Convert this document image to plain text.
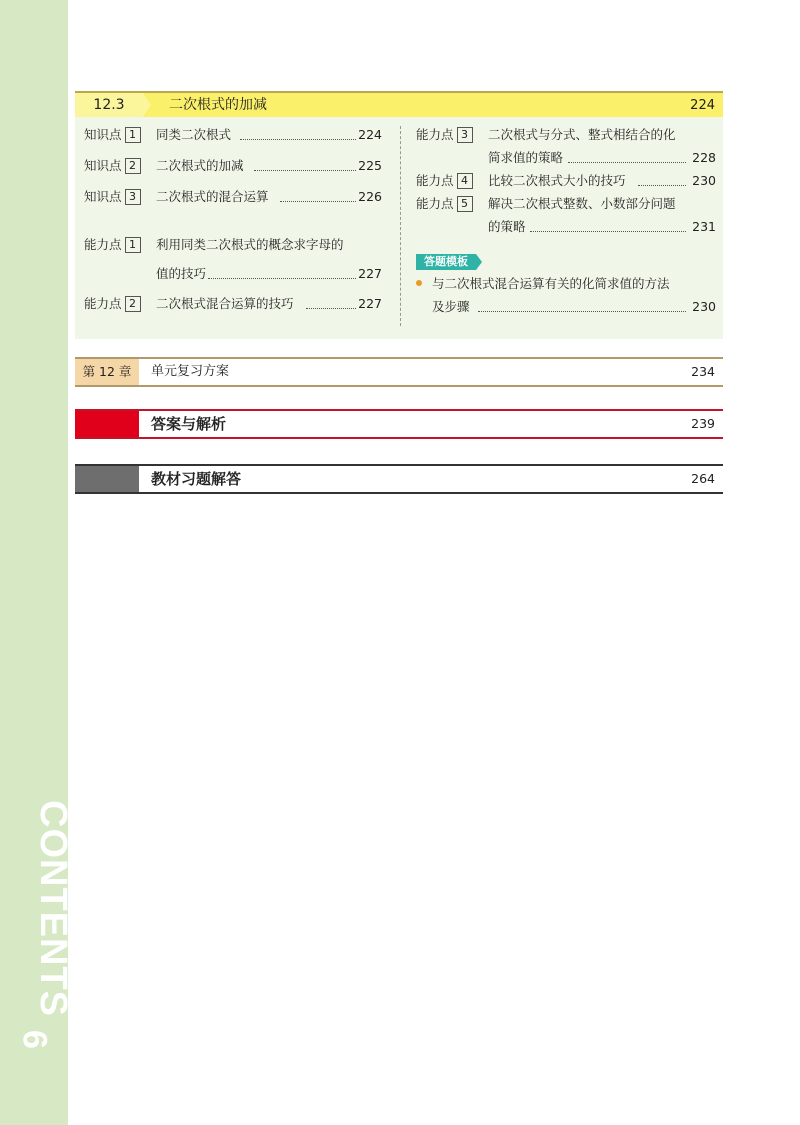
CONTENTS
6
12.3	二次根式的加减	224
知识点 1 同类二次根式	224
知识点 2 二次根式的加减	225
知识点 3 二次根式的混合运算	226
能力点 1 利用同类二次根式的概念求字母的
值的技巧	227
能力点 2 二次根式混合运算的技巧	227
能力点 3 二次根式与分式、整式相结合的化
简求值的策略	228
能力点 4 比较二次根式大小的技巧	230
能力点 5 解决二次根式整数、小数部分问题
的策略	231
答题模板
与二次根式混合运算有关的化简求值的方法
及步骤	230
第 12 章	单元复习方案	234
答案与解析	239
教材习题解答	264
